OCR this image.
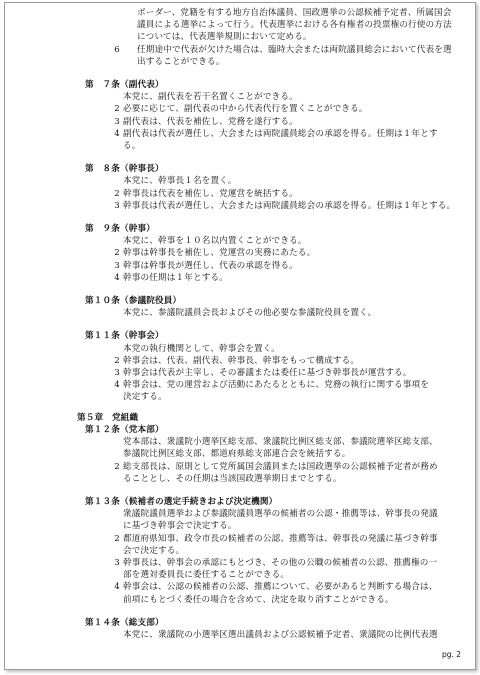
ボーダー、党籍を有する地方自治体議員、国政選挙の公認候補予定者、所属国会
議員による選挙によって行う。代表選挙における各有権者の投票権の行使の方法
については、代表選挙規則において定める。
6	任期途中で代表が欠けた場合は、臨時大会または両院議員総会において代表を選
出することができる。
第　７条（副代表）
本党に、副代表を若干名置くことができる。
2 必要に応じて、副代表の中から代表代行を置くことができる。
3 副代表は、代表を補佐し、党務を遂行する。
4 副代表は代表が選任し、大会または両院議員総会の承認を得る。任期は１年とす
る。
第　８条（幹事長）
本党に、幹事長１名を置く。
2 幹事長は代表を補佐し、党運営を統括する。
3 幹事長は代表が選任し、大会または両院議員総会の承認を得る。任期は１年とする。
第　９条（幹事）
本党に、幹事を１０名以内置くことができる。
2 幹事は幹事長を補佐し、党運営の実務にあたる。
3 幹事は幹事長が選任し、代表の承認を得る。
4 幹事の任期は１年とする。
第１０条（参議院役員）
本党に、参議院議員会長およびその他必要な参議院役員を置く。
第１１条（幹事会）
本党の執行機関として、幹事会を置く。
2 幹事会は、代表、副代表、幹事長、幹事をもって構成する。
3 幹事会は代表が主宰し、その審議または委任に基づき幹事長が運営する。
4 幹事会は、党の運営および活動にあたるとともに、党務の執行に関する事項を
決定する。
第５章　党組織
第１２条（党本部）
党本部は、衆議院小選挙区総支部、衆議院比例区総支部、参議院選挙区総支部、
参議院比例区総支部、都道府県総支部連合会を統括する。
2 総支部長は、原則として党所属国会議員または国政選挙の公認候補予定者が務め
ることとし、その任期は当該国政選挙期日までとする。
第１３条（候補者の選定手続きおよび決定機関）
衆議院議員選挙および参議院議員選挙の候補者の公認・推薦等は、幹事長の発議
に基づき幹事会で決定する。
2 都道府県知事、政令市長の候補者の公認、推薦等は、幹事長の発議に基づき幹事
会で決定する。
3 幹事長は、幹事会の承認にもとづき、その他の公職の候補者の公認、推薦権の一
部を選対委員長に委任することができる。
4 幹事会は、公認の候補者の公認、推薦について、必要があると判断する場合は、
前項にもとづく委任の場合を含めて、決定を取り消すことができる。
第１４条（総支部）
本党に、衆議院の小選挙区選出議員および公認候補予定者、衆議院の比例代表選
pg. 2
